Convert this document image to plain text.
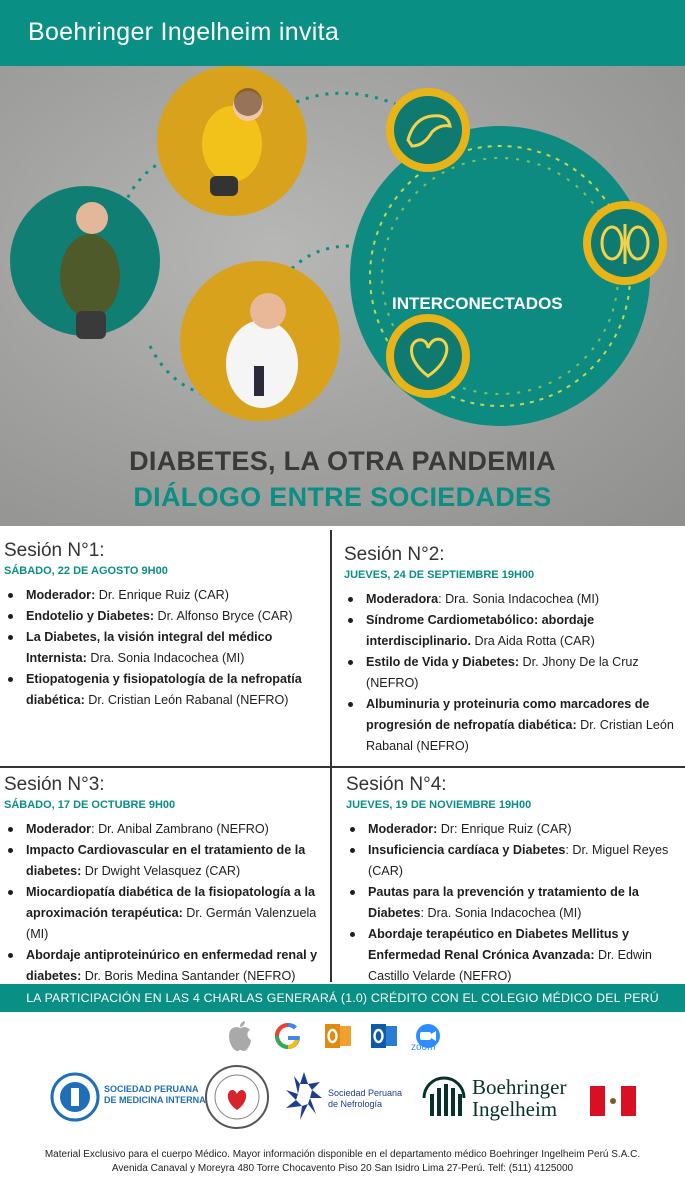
Boehringer Ingelheim invita
INTERCONECTADOS
DIABETES, LA OTRA PANDEMIA
DIÁLOGO ENTRE SOCIEDADES
Sesión N°1:
SÁBADO, 22 DE AGOSTO 9H00
Moderador: Dr. Enrique Ruiz (CAR)
Endotelio y Diabetes: Dr. Alfonso Bryce (CAR)
La Diabetes, la visión integral del médico Internista: Dra. Sonia Indacochea (MI)
Etiopatogenia y fisiopatología de la nefropatía diabética: Dr. Cristian León Rabanal (NEFRO)
Sesión N°2:
JUEVES, 24 DE SEPTIEMBRE 19H00
Moderadora: Dra. Sonia Indacochea (MI)
Síndrome Cardiometabólico: abordaje interdisciplinario. Dra Aida Rotta (CAR)
Estilo de Vida y Diabetes: Dr. Jhony De la Cruz (NEFRO)
Albuminuria y proteinuria como marcadores de progresión de nefropatía diabética: Dr. Cristian León Rabanal (NEFRO)
Sesión N°3:
SÁBADO, 17 DE OCTUBRE 9H00
Moderador: Dr. Anibal Zambrano (NEFRO)
Impacto Cardiovascular en el tratamiento de la diabetes: Dr Dwight Velasquez (CAR)
Miocardiopatía diabética de la fisiopatología a la aproximación terapéutica: Dr. Germán Valenzuela (MI)
Abordaje antiproteinúrico en enfermedad renal y diabetes: Dr. Boris Medina Santander (NEFRO)
Sesión N°4:
JUEVES, 19 DE NOVIEMBRE 19H00
Moderador: Dr: Enrique Ruiz (CAR)
Insuficiencia cardíaca y Diabetes: Dr. Miguel Reyes (CAR)
Pautas para la prevención y tratamiento de la Diabetes: Dra. Sonia Indacochea (MI)
Abordaje terapéutico en Diabetes Mellitus y Enfermedad Renal Crónica Avanzada: Dr. Edwin Castillo Velarde (NEFRO)
LA PARTICIPACIÓN EN LAS 4 CHARLAS GENERARÁ (1.0) CRÉDITO CON EL COLEGIO MÉDICO DEL PERÚ
zoom
SOCIEDAD PERUANA
DE MEDICINA INTERNA
Sociedad Peruana
de Nefrología
Boehringer
Ingelheim
Material Exclusivo para el cuerpo Médico. Mayor información disponible en el departamento médico Boehringer Ingelheim Perú S.A.C.
Avenida Canaval y Moreyra 480 Torre Chocavento Piso 20 San Isidro Lima 27-Perú. Telf: (511) 4125000
